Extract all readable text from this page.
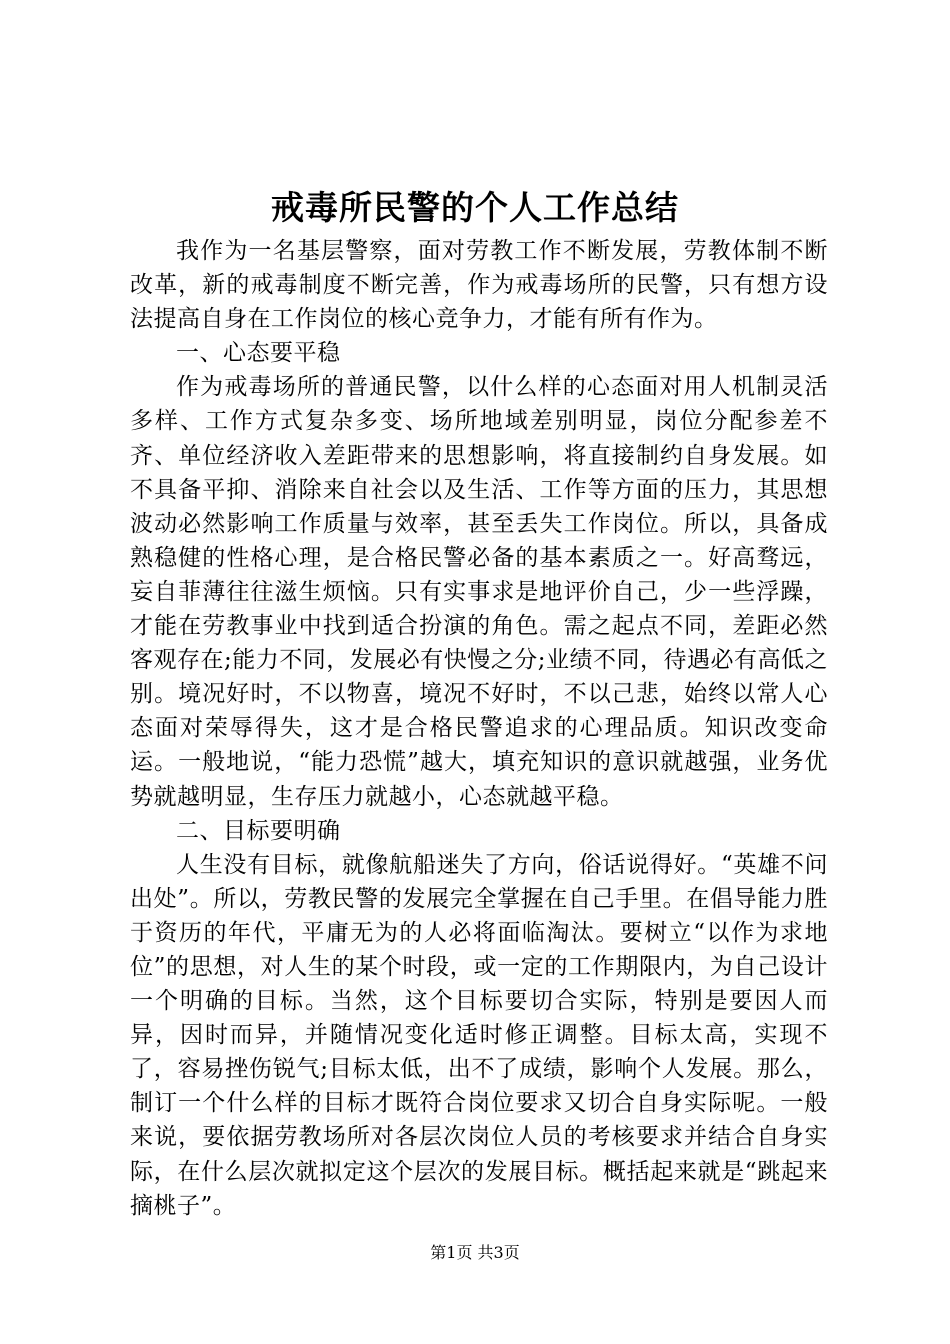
戒毒所民警的个人工作总结

我作为一名基层警察，面对劳教工作不断发展，劳教体制不断改革，新的戒毒制度不断完善，作为戒毒场所的民警，只有想方设法提高自身在工作岗位的核心竞争力，才能有所有作为。

一、心态要平稳

作为戒毒场所的普通民警，以什么样的心态面对用人机制灵活多样、工作方式复杂多变、场所地域差别明显，岗位分配参差不齐、单位经济收入差距带来的思想影响，将直接制约自身发展。如不具备平抑、消除来自社会以及生活、工作等方面的压力，其思想波动必然影响工作质量与效率，甚至丢失工作岗位。所以，具备成熟稳健的性格心理，是合格民警必备的基本素质之一。好高骛远，妄自菲薄往往滋生烦恼。只有实事求是地评价自己，少一些浮躁，才能在劳教事业中找到适合扮演的角色。需之起点不同，差距必然客观存在;能力不同，发展必有快慢之分;业绩不同，待遇必有高低之别。境况好时，不以物喜，境况不好时，不以己悲，始终以常人心态面对荣辱得失，这才是合格民警追求的心理品质。知识改变命运。一般地说，“能力恐慌”越大，填充知识的意识就越强，业务优势就越明显，生存压力就越小，心态就越平稳。

二、目标要明确

人生没有目标，就像航船迷失了方向，俗话说得好。“英雄不问出处”。所以，劳教民警的发展完全掌握在自己手里。在倡导能力胜于资历的年代，平庸无为的人必将面临淘汰。要树立“以作为求地位”的思想，对人生的某个时段，或一定的工作期限内，为自己设计一个明确的目标。当然，这个目标要切合实际，特别是要因人而异，因时而异，并随情况变化适时修正调整。目标太高，实现不了，容易挫伤锐气;目标太低，出不了成绩，影响个人发展。那么，制订一个什么样的目标才既符合岗位要求又切合自身实际呢。一般来说，要依据劳教场所对各层次岗位人员的考核要求并结合自身实际，在什么层次就拟定这个层次的发展目标。概括起来就是“跳起来摘桃子”。

第1页 共3页
